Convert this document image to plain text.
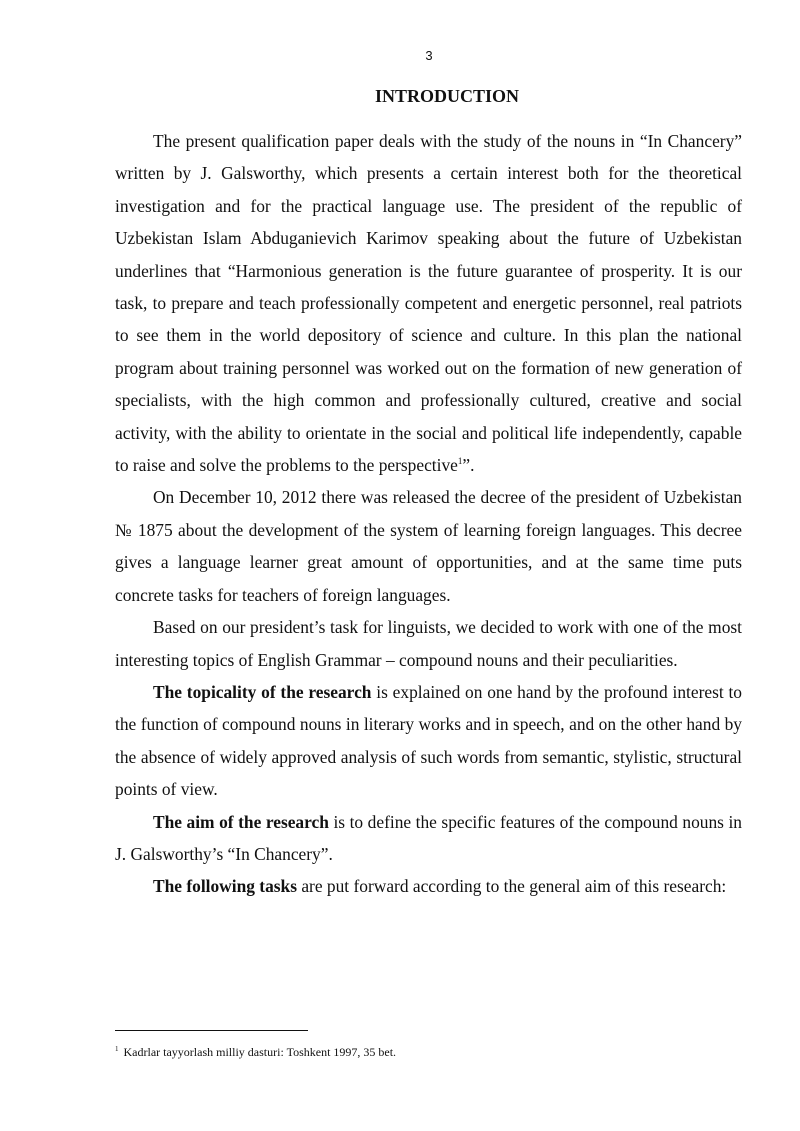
3
INTRODUCTION

The present qualification paper deals with the study of the nouns in “In Chancery” written by J. Galsworthy, which presents a certain interest both for the theoretical investigation and for the practical language use. The president of the republic of Uzbekistan Islam Abduganievich Karimov speaking about the future of Uzbekistan underlines that “Harmonious generation is the future guarantee of prosperity. It is our task, to prepare and teach professionally competent and energetic personnel, real patriots to see them in the world depository of science and culture. In this plan the national program about training personnel was worked out on the formation of new generation of specialists, with the high common and professionally cultured, creative and social activity, with the ability to orientate in the social and political life independently, capable to raise and solve the problems to the perspective$^1$”.

On December 10, 2012 there was released the decree of the president of Uzbekistan № 1875 about the development of the system of learning foreign languages. This decree gives a language learner great amount of opportunities, and at the same time puts concrete tasks for teachers of foreign languages.

Based on our president’s task for linguists, we decided to work with one of the most interesting topics of English Grammar – compound nouns and their peculiarities.

The topicality of the research is explained on one hand by the profound interest to the function of compound nouns in literary works and in speech, and on the other hand by the absence of widely approved analysis of such words from semantic, stylistic, structural points of view.

The aim of the research is to define the specific features of the compound nouns in J. Galsworthy’s “In Chancery”.

The following tasks are put forward according to the general aim of this research:

$^1$ Kadrlar tayyorlash milliy dasturi: Toshkent 1997, 35 bet.
